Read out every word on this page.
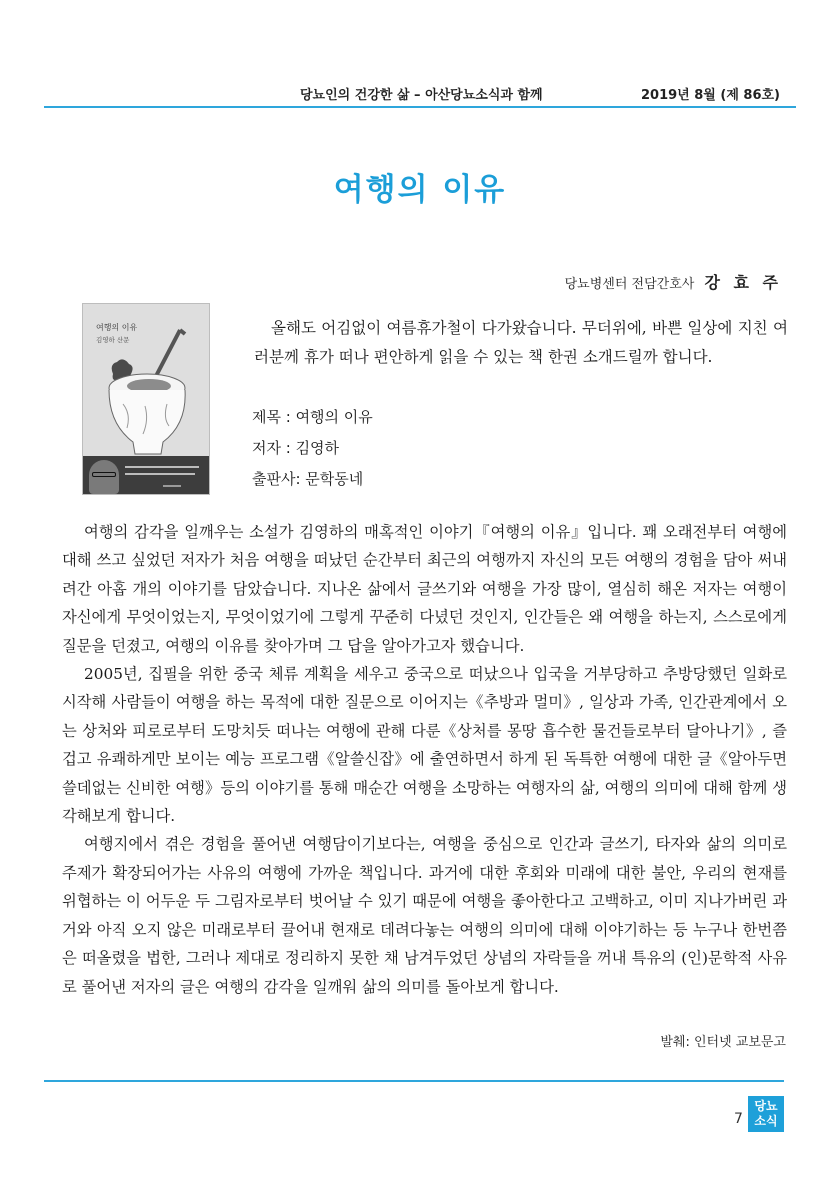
당뇨인의 건강한 삶 – 아산당뇨소식과 함께	2019년 8월 (제 86호)
여행의 이유
당뇨병센터 전담간호사 강 효 주
여행의 이유
김영하 산문

올해도 어김없이 여름휴가철이 다가왔습니다. 무더위에, 바쁜 일상에 지친 여러분께 휴가 떠나 편안하게 읽을 수 있는 책 한권 소개드릴까 합니다.

제목 : 여행의 이유
저자 : 김영하
출판사: 문학동네

여행의 감각을 일깨우는 소설가 김영하의 매혹적인 이야기『여행의 이유』입니다. 꽤 오래전부터 여행에 대해 쓰고 싶었던 저자가 처음 여행을 떠났던 순간부터 최근의 여행까지 자신의 모든 여행의 경험을 담아 써내려간 아홉 개의 이야기를 담았습니다. 지나온 삶에서 글쓰기와 여행을 가장 많이, 열심히 해온 저자는 여행이 자신에게 무엇이었는지, 무엇이었기에 그렇게 꾸준히 다녔던 것인지, 인간들은 왜 여행을 하는지, 스스로에게 질문을 던졌고, 여행의 이유를 찾아가며 그 답을 알아가고자 했습니다.

2005년, 집필을 위한 중국 체류 계획을 세우고 중국으로 떠났으나 입국을 거부당하고 추방당했던 일화로 시작해 사람들이 여행을 하는 목적에 대한 질문으로 이어지는《추방과 멀미》, 일상과 가족, 인간관계에서 오는 상처와 피로로부터 도망치듯 떠나는 여행에 관해 다룬《상처를 몽땅 흡수한 물건들로부터 달아나기》, 즐겁고 유쾌하게만 보이는 예능 프로그램《알쓸신잡》에 출연하면서 하게 된 독특한 여행에 대한 글《알아두면 쓸데없는 신비한 여행》등의 이야기를 통해 매순간 여행을 소망하는 여행자의 삶, 여행의 의미에 대해 함께 생각해보게 합니다.

여행지에서 겪은 경험을 풀어낸 여행담이기보다는, 여행을 중심으로 인간과 글쓰기, 타자와 삶의 의미로 주제가 확장되어가는 사유의 여행에 가까운 책입니다. 과거에 대한 후회와 미래에 대한 불안, 우리의 현재를 위협하는 이 어두운 두 그림자로부터 벗어날 수 있기 때문에 여행을 좋아한다고 고백하고, 이미 지나가버린 과거와 아직 오지 않은 미래로부터 끌어내 현재로 데려다놓는 여행의 의미에 대해 이야기하는 등 누구나 한번쯤은 떠올렸을 법한, 그러나 제대로 정리하지 못한 채 남겨두었던 상념의 자락들을 꺼내 특유의 (인)문학적 사유로 풀어낸 저자의 글은 여행의 감각을 일깨워 삶의 의미를 돌아보게 합니다.

발췌: 인터넷 교보문고
7
당뇨
소식
